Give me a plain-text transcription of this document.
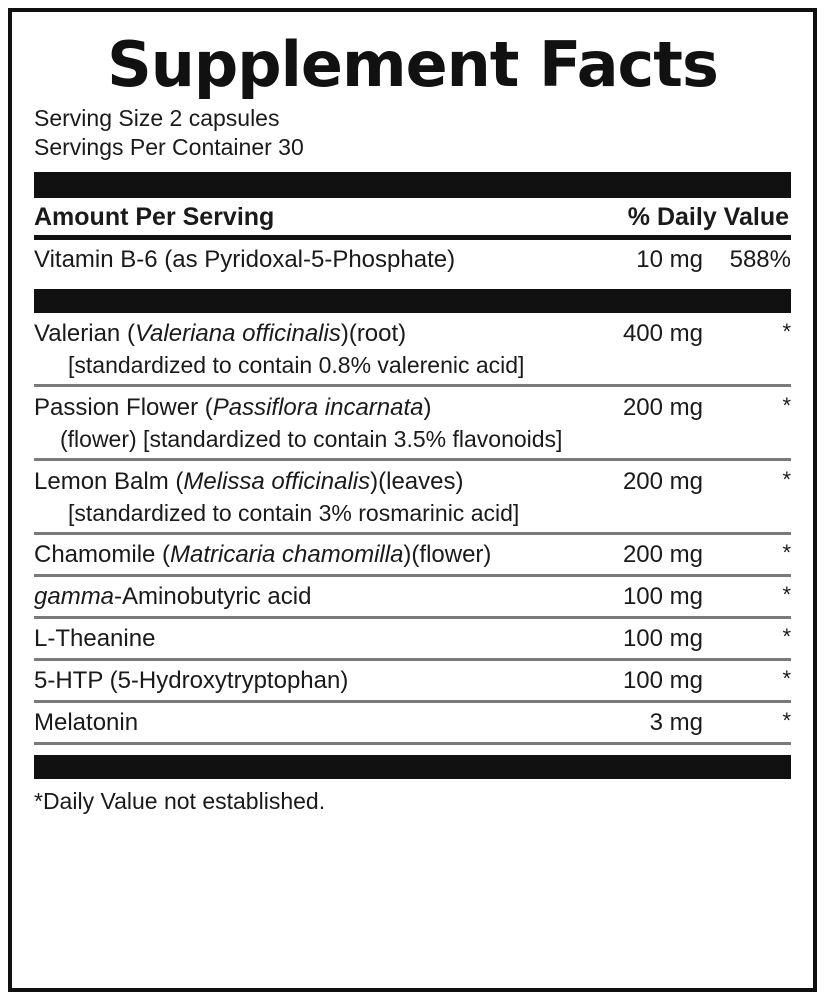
Supplement Facts
Serving Size 2 capsules
Servings Per Container 30
Amount Per Serving	% Daily Value
Vitamin B-6 (as Pyridoxal-5-Phosphate)	10 mg	588%
Valerian (Valeriana officinalis)(root)	400 mg	*
[standardized to contain 0.8% valerenic acid]
Passion Flower (Passiflora incarnata)	200 mg	*
(flower) [standardized to contain 3.5% flavonoids]
Lemon Balm (Melissa officinalis)(leaves)	200 mg	*
[standardized to contain 3% rosmarinic acid]
Chamomile (Matricaria chamomilla)(flower)	200 mg	*
gamma-Aminobutyric acid	100 mg	*
L-Theanine	100 mg	*
5-HTP (5-Hydroxytryptophan)	100 mg	*
Melatonin	3 mg	*
*Daily Value not established.
